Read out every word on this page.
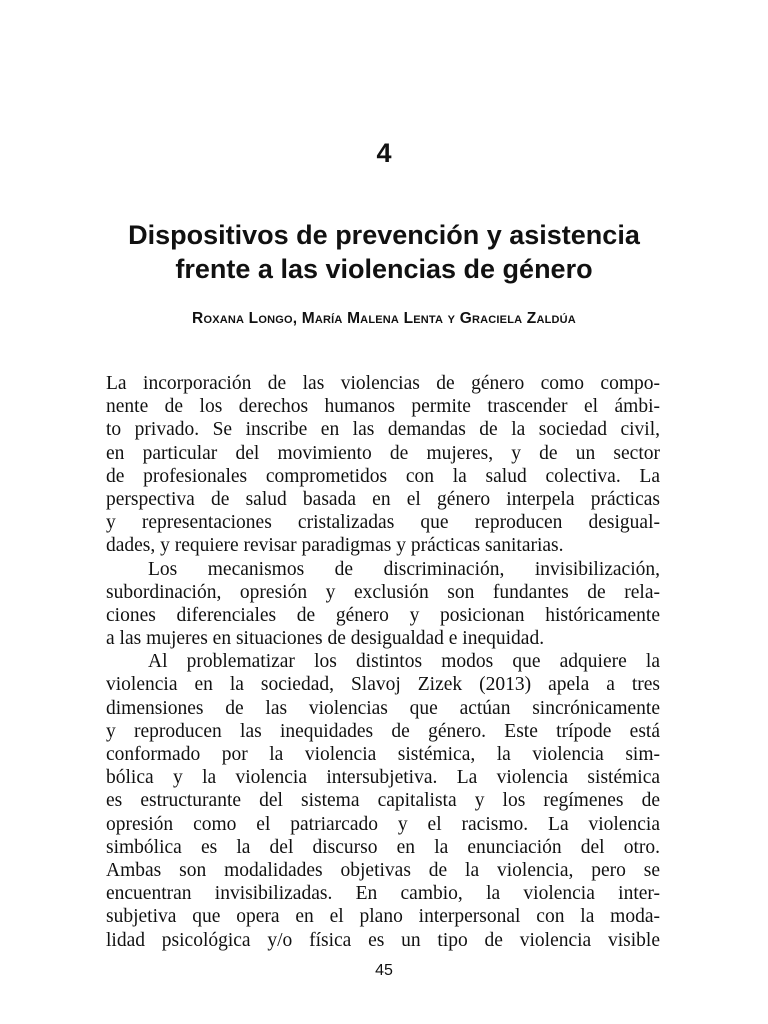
4
Dispositivos de prevención y asistencia
frente a las violencias de género
Roxana Longo, María Malena Lenta y Graciela Zaldúa
La incorporación de las violencias de género como compo-
nente de los derechos humanos permite trascender el ámbi-
to privado. Se inscribe en las demandas de la sociedad civil,
en particular del movimiento de mujeres, y de un sector
de profesionales comprometidos con la salud colectiva. La
perspectiva de salud basada en el género interpela prácticas
y representaciones cristalizadas que reproducen desigual-
dades, y requiere revisar paradigmas y prácticas sanitarias.
Los mecanismos de discriminación, invisibilización,
subordinación, opresión y exclusión son fundantes de rela-
ciones diferenciales de género y posicionan históricamente
a las mujeres en situaciones de desigualdad e inequidad.
Al problematizar los distintos modos que adquiere la
violencia en la sociedad, Slavoj Zizek (2013) apela a tres
dimensiones de las violencias que actúan sincrónicamente
y reproducen las inequidades de género. Este trípode está
conformado por la violencia sistémica, la violencia sim-
bólica y la violencia intersubjetiva. La violencia sistémica
es estructurante del sistema capitalista y los regímenes de
opresión como el patriarcado y el racismo. La violencia
simbólica es la del discurso en la enunciación del otro.
Ambas son modalidades objetivas de la violencia, pero se
encuentran invisibilizadas. En cambio, la violencia inter-
subjetiva que opera en el plano interpersonal con la moda-
lidad psicológica y/o física es un tipo de violencia visible
45
